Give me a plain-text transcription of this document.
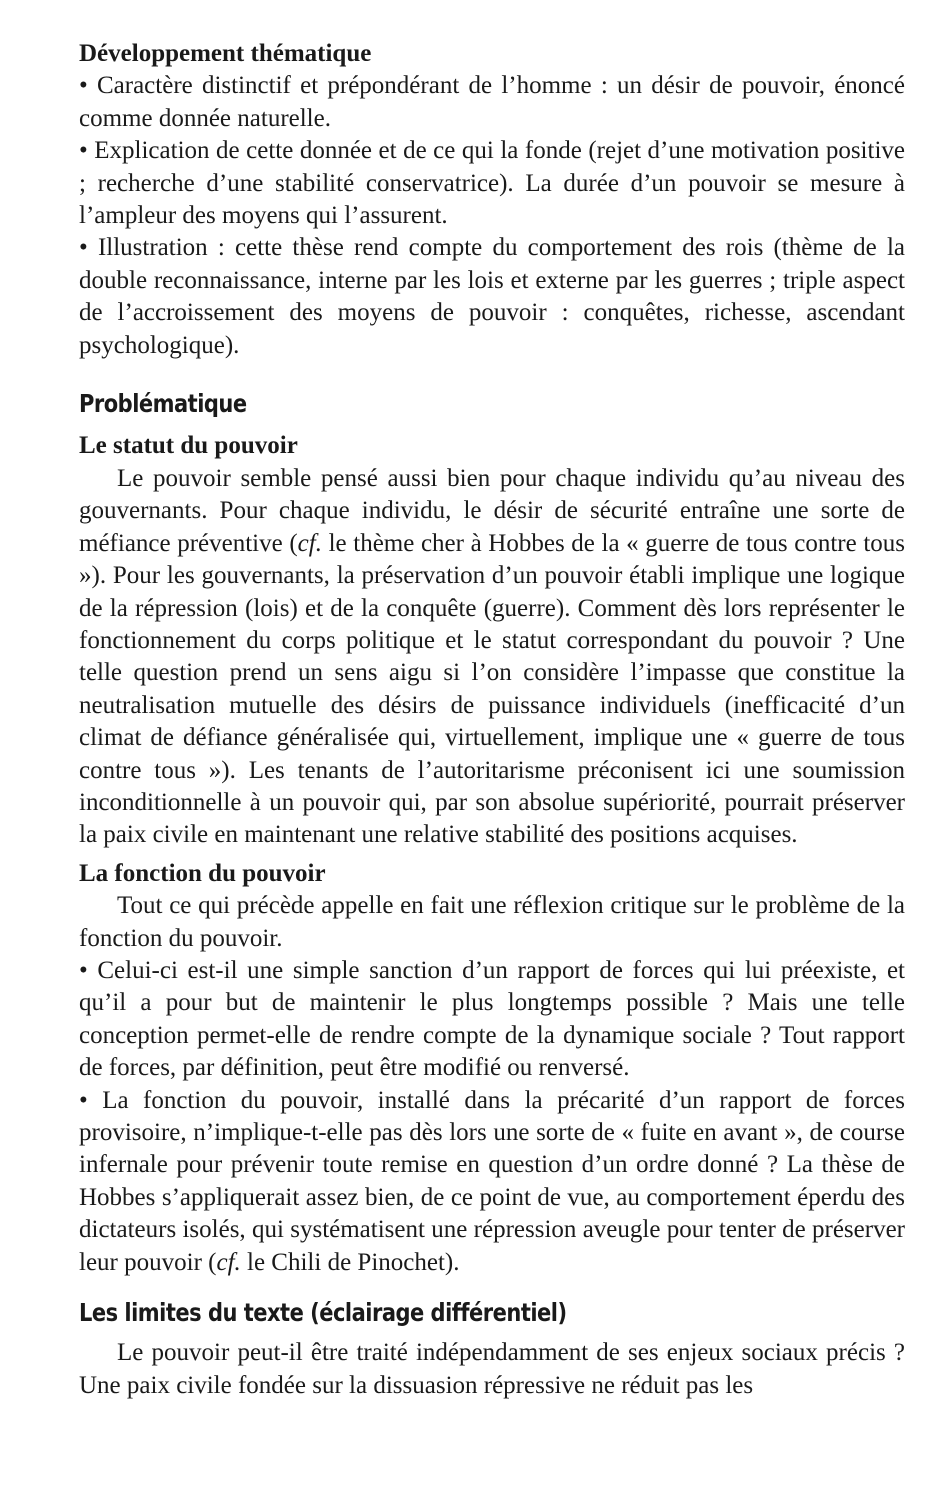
Développement thématique

• Caractère distinctif et prépondérant de l’homme : un désir de pouvoir, énoncé comme donnée naturelle.

• Explication de cette donnée et de ce qui la fonde (rejet d’une motivation positive ; recherche d’une stabilité conservatrice). La durée d’un pouvoir se mesure à l’ampleur des moyens qui l’assurent.

• Illustration : cette thèse rend compte du comportement des rois (thème de la double reconnaissance, interne par les lois et externe par les guerres ; triple aspect de l’accroissement des moyens de pouvoir : conquêtes, richesse, ascendant psychologique).

Problématique

Le statut du pouvoir

Le pouvoir semble pensé aussi bien pour chaque individu qu’au niveau des gouvernants. Pour chaque individu, le désir de sécurité entraîne une sorte de méfiance préventive (cf. le thème cher à Hobbes de la « guerre de tous contre tous »). Pour les gouvernants, la préservation d’un pouvoir établi implique une logique de la répression (lois) et de la conquête (guerre). Comment dès lors représenter le fonctionnement du corps politique et le statut correspondant du pouvoir ? Une telle question prend un sens aigu si l’on considère l’impasse que constitue la neutralisation mutuelle des désirs de puissance individuels (inefficacité d’un climat de défiance généralisée qui, virtuellement, implique une « guerre de tous contre tous »). Les tenants de l’autoritarisme préconisent ici une soumission inconditionnelle à un pouvoir qui, par son absolue supériorité, pourrait préserver la paix civile en maintenant une relative stabilité des positions acquises.

La fonction du pouvoir

Tout ce qui précède appelle en fait une réflexion critique sur le problème de la fonction du pouvoir.

• Celui-ci est-il une simple sanction d’un rapport de forces qui lui préexiste, et qu’il a pour but de maintenir le plus longtemps possible ? Mais une telle conception permet-elle de rendre compte de la dynamique sociale ? Tout rapport de forces, par définition, peut être modifié ou renversé.

• La fonction du pouvoir, installé dans la précarité d’un rapport de forces provisoire, n’implique-t-elle pas dès lors une sorte de « fuite en avant », de course infernale pour prévenir toute remise en question d’un ordre donné ? La thèse de Hobbes s’appliquerait assez bien, de ce point de vue, au comportement éperdu des dictateurs isolés, qui systématisent une répression aveugle pour tenter de préserver leur pouvoir (cf. le Chili de Pinochet).

Les limites du texte (éclairage différentiel)

Le pouvoir peut-il être traité indépendamment de ses enjeux sociaux précis ? Une paix civile fondée sur la dissuasion répressive ne réduit pas les
